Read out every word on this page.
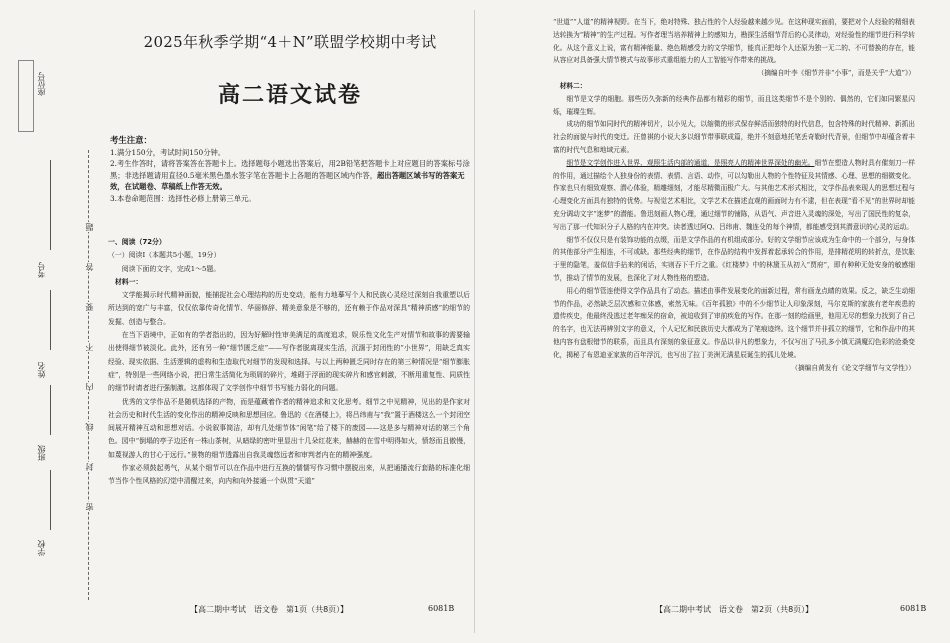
座位号
考号
姓名
班级
学校
题
答
要
不
内
线
封
密
2025年秋季学期“4＋N”联盟学校期中考试
高二语文试卷
考生注意：
1.满分150分，考试时间150分钟。
2.考生作答时，请将答案答在答题卡上。选择题每小题选出答案后，用2B铅笔把答题卡上对应题目的答案标号涂黑；非选择题请用直径0.5毫米黑色墨水签字笔在答题卡上各题的答题区域内作答，超出答题区域书写的答案无效，在试题卷、草稿纸上作答无效。
3.本卷命题范围：选择性必修上册第三单元。

一、阅读（72分）

（一）阅读Ⅰ（本题共5小题，19分）

阅读下面的文字，完成1～5题。

材料一：

文学能揭示时代精神面貌，能捕捉社会心理结构的历史变动，能有力地摹写个人和民族心灵经过深刻自我重塑以后所达到的宽广与丰富，仅仅依靠传奇化情节、华丽修辞、精美意象是不够的，还有赖于作品对深具“精神质感”的细节的发掘、创造与整合。

在当下语境中，正如有的学者指出的，因为好解时性审美满足的高度追求，娱乐性文化生产对情节和故事的需要输出使得细节被淡化。此外，还有另一种“细节匮乏症”——写作者脱离现实生活，沉湎于封闭性的“小世界”，用缺乏真实经验、现实依据、生活逻辑的虚构和生造取代对细节的发现和选择。与以上两种匮乏同时存在的第三种情况是“细节膨胀症”，特别是一些网络小说，把日常生活简化为琐屑的碎片，堆砌于浮面的现实碎片和感官刺激，不断用重复性、同质性的细节时请者进行强制激。这都体现了文学创作中细节书写能力弱化的问题。

优秀的文学作品不是随机选择的产物，而是蕴藏着作者的精神追求和文化思考。细节之中见精神，见出的是作家对社会历史和时代生活的变化作出的精神反映和思想回应。鲁迅的《在酒楼上》，将吕纬甫与“我”置于酒楼这么一个封闭空间展开精神互动和思想对话。小说叙事简洁，却有几处细节体“闲笔”给了楼下的废园——这是多与精神对话的第三个角色。园中“倒塌的亭子边还有一株山茶树，从暗绿的密叶里显出十几朵红花来，赫赫的在雪中明得如火，愤怒而且傲慢，如蔑视游人的甘心于远行。”景物的细节透露出自我灵魂悠远者和审判者内在的精神强度。

作家必须鼓起勇气，从某个细节可以在作品中进行互换的懦懦写作习惯中摆脱出来，从把通播流行套路的标准化细节当作个性风格的幻觉中清醒过来，向内和向外接通一个纵贯“天道”

【高二期中考试　语文卷　第1页（共8页）】	6081B

“世道”“人道”的精神视野。在当下，绝对特殊、独占性的个人经验越来越少见。在这种现实面前，要把对个人经验的精细表达转换为“精神”的生产过程。写作者理当培养精神上的感知力，勘探生活细节背后的心灵律动，对经验性的细节进行科学转化。从这个意义上说，富有精神能量、绝色精感受力的文学细节，能真正把每个人还原为独一无二的、不可替换的存在，能从容应对具备强大情节模式与故事形式重组能力的人工智能写作带来的挑战。

（摘编自叶李《细节并非“小事”，而是关乎“大道”》）

材料二：

细节是文学的细胞。那些历久弥新的经典作品都有精彩的细节，而且这类细节不是个别的、偶然的，它们如同繁星闪烁，璀璨生辉。

成功的细节如同时代的精神切片，以小见大，以缩微的形式保存鲜活而独特的时代信息，包含特殊的时代精神、新抓出社会的面貌与时代的变迁。汪曾祺的小说大多以细节带事联成篇，绝并不刻意地托笔丢奇勒时代背景，但细节中却蕴含着丰富的时代气息和地域元素。

细节是文学创作进入世界、观照生活内部的通道，是照亮人的精神世界深处的幽光。细节在塑造人物时具有催刻刀一样的作用，通过描绘个人独身份的表情、表情、言语、动作，可以勾勒出人物的个性特征及其情感、心理、思想的细微变化。作家也只有细致观察、潜心体验，精雕细刻，才能尽精微而极广大。与其他艺术形式相比，文学作品表来现人的思想过程与心理变化方面具有独特的优势。与视觉艺术相比，文学艺术在描述直观的画面时力有不逮，但在表现“看不见”的世界时却能充分调动文字“迷梦”的潜能。鲁迅刻画人物心理，通过细节的铺陈，从语气、声音进入灵魂的深处，写出了国民性的复杂，写出了那一代知识分子人格的内在冲突。读者透过阿Q、吕纬甫、魏连殳的每个神情，都能感受到其潜意识的心灵的运动。

细节不仅仅只是有装饰功能的点缀，而是文学作品的有机组成部分。好的文学细节应该成为生命中的一个部分，与身体的其他部分产生相连，不可或缺。那些经典的细节，在作品的结构中发挥着起承转合的作用，是排精花明的转折点，是饮胀于里的隐笔，羞似信手拈来的闲话，实则吞下千斤之重。《红楼梦》中的林黛玉从初入“贾府”，即有种种无处安身的敏感细节，推动了情节的发展，也深化了对人物性格的塑造。

用心的细节管连使得文学作品具有了动态。描述由事件发展变化的面新过程，常有画龙点睛的效果。反之，缺乏生动细节的作品，必然缺乏层次感和立体感，索然无味。《百年孤独》中的不少细节让人印象深刻，马尔克斯的家族有老年疾患的遗传疾史，他最终没逃过老年痴呆的宿命，被迫收到了审前疾危的写作。在那一刻的绘画里，他用无尽的想象力找到了自己的名字，也无法再辨别文字的意义，个人记忆和民族历史大都成为了笔痕迹终。这个细节并非孤立的细节，它和作品中的其他内容有盘根错节的联系，而且具有深刻的象征意义。作品以非凡的想象力，不仅写出了马孔多小镇无满魔幻色彩的沧桑变化，揭秘了布恩迪亚家族的百年浮沉，也写出了拉丁美洲无满星辰诞生的孤儿处境。

（摘编自黄发有《论文学细节与文学性》）

【高二期中考试　语文卷　第2页（共8页）】	6081B
